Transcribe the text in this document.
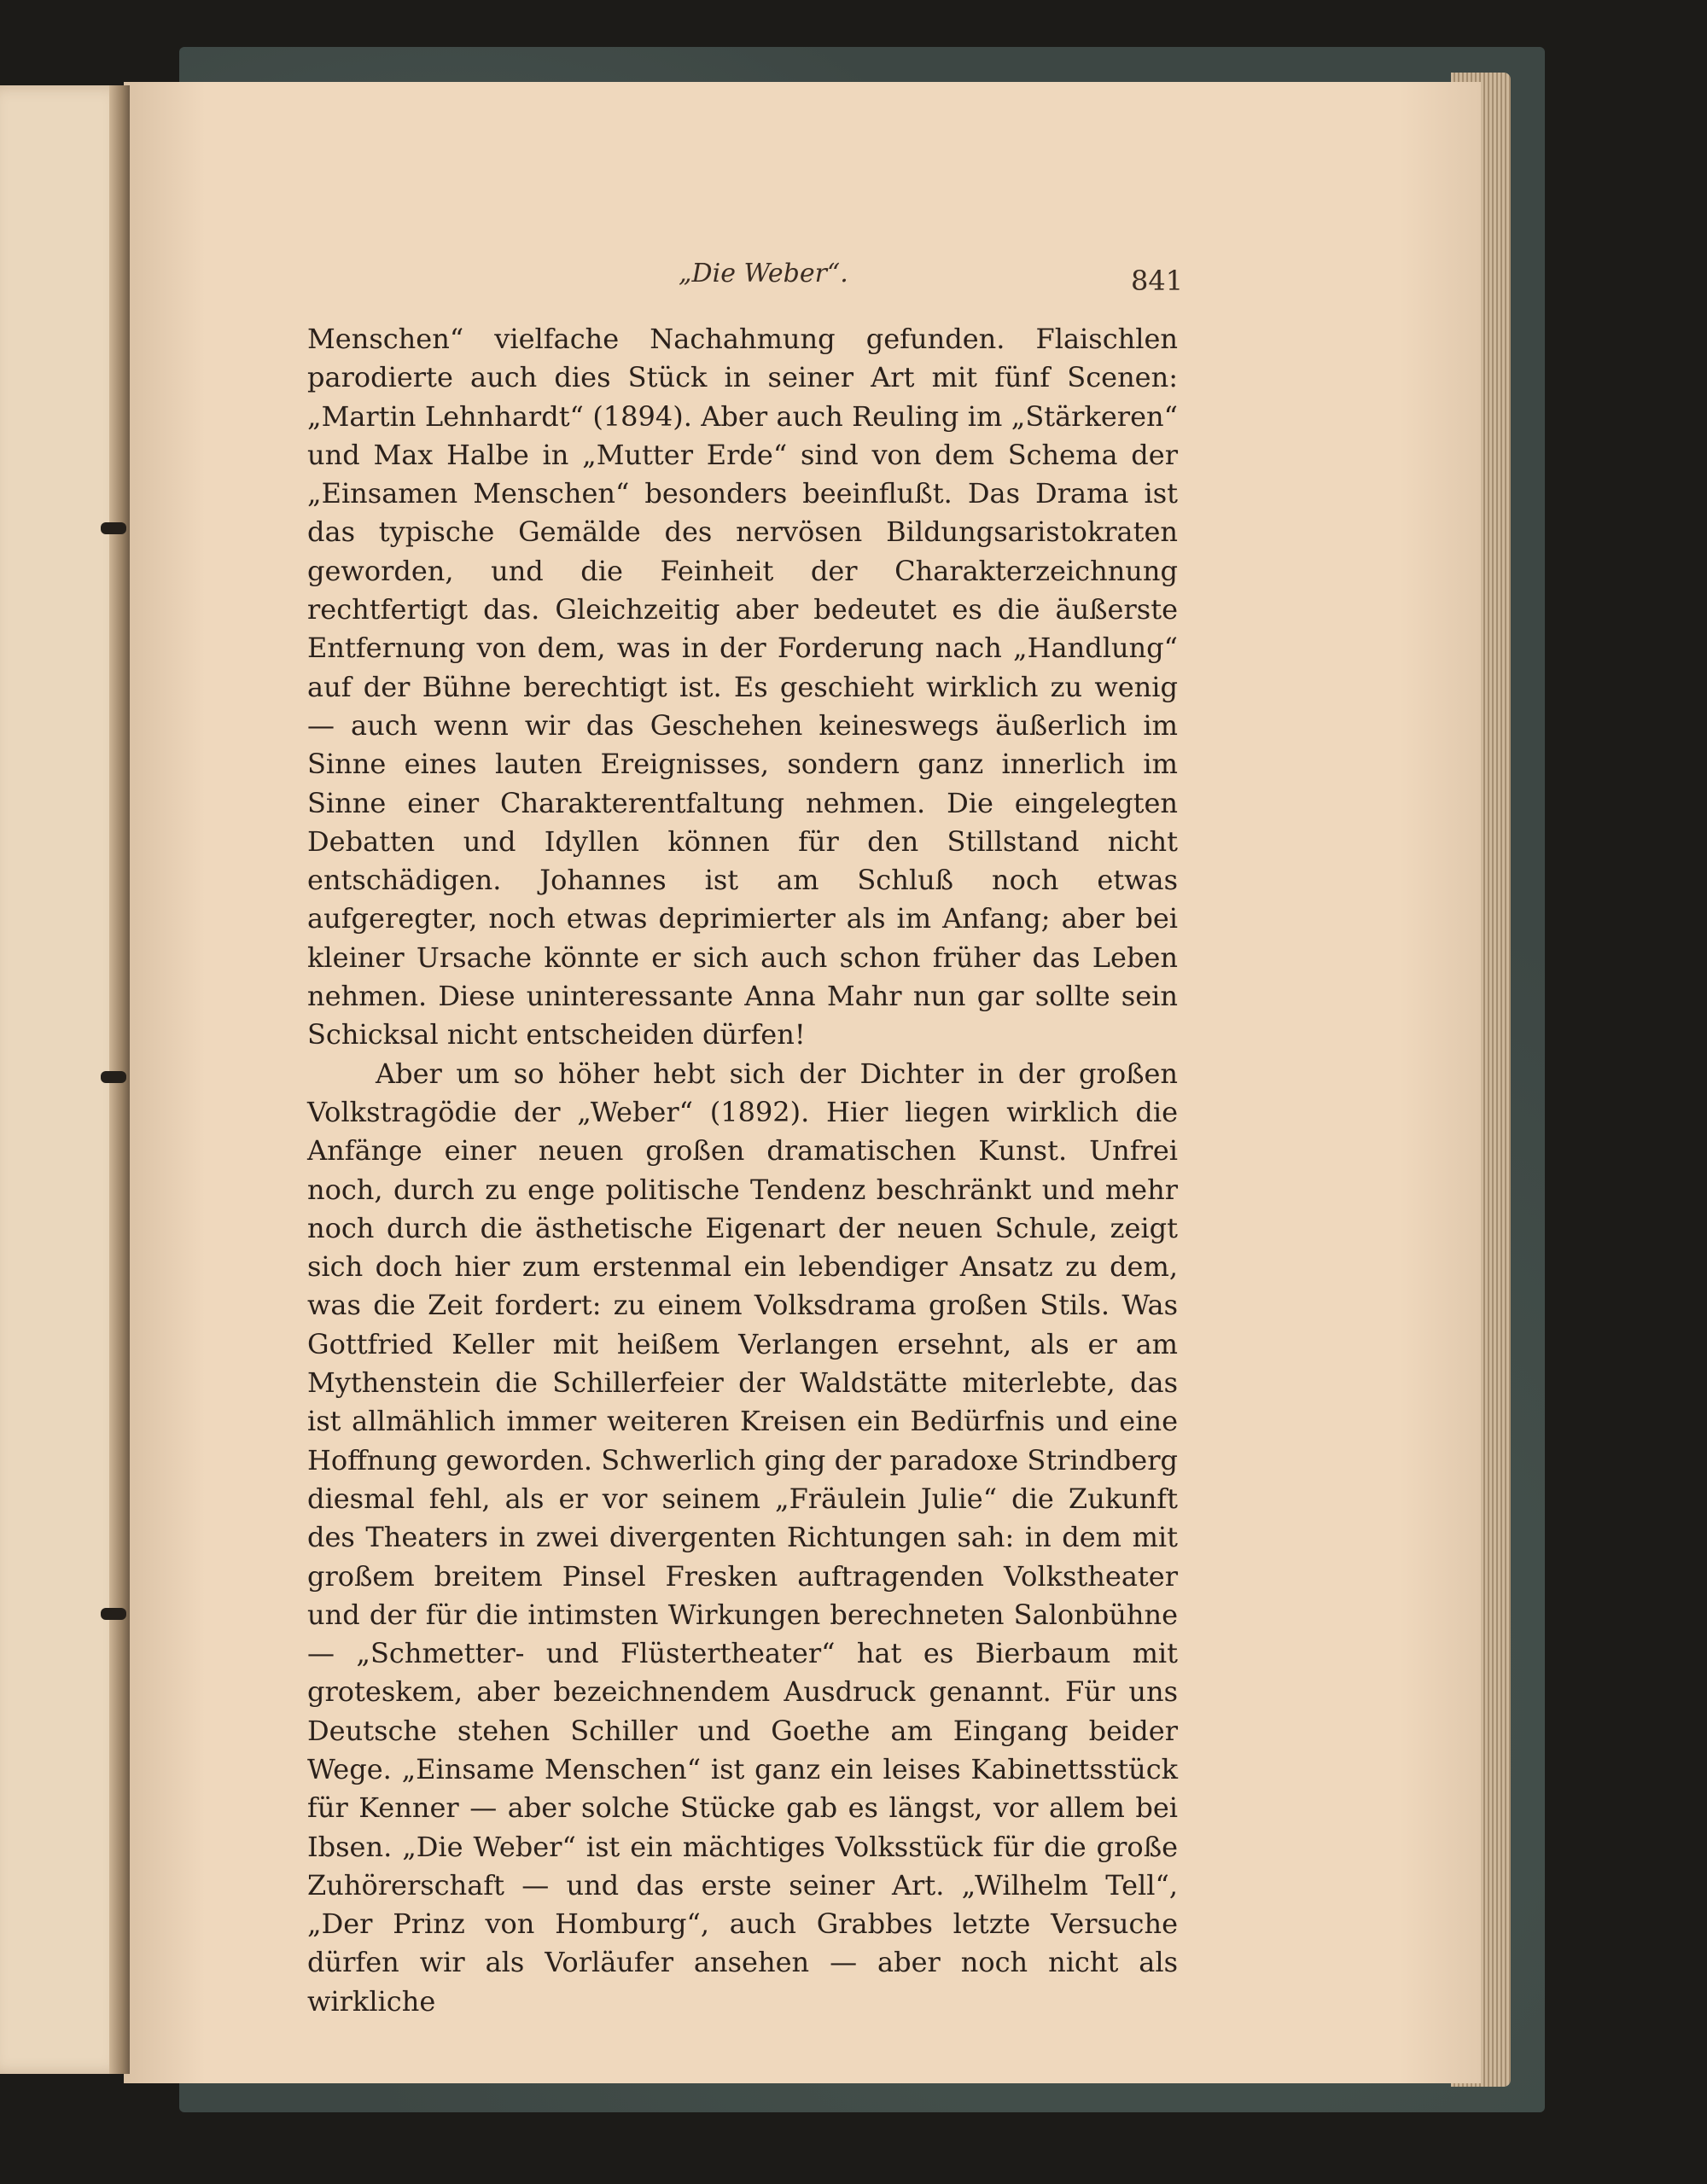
„Die Weber“.	841

Menschen“ vielfache Nachahmung gefunden. Flaischlen parodierte auch dies Stück in seiner Art mit fünf Scenen: „Martin Lehnhardt“ (1894). Aber auch Reuling im „Stärkeren“ und Max Halbe in „Mutter Erde“ sind von dem Schema der „Einsamen Menschen“ besonders beeinflußt. Das Drama ist das typische Gemälde des nervösen Bildungsaristokraten geworden, und die Feinheit der Charakterzeichnung rechtfertigt das. Gleichzeitig aber bedeutet es die äußerste Entfernung von dem, was in der Forderung nach „Handlung“ auf der Bühne berechtigt ist. Es geschieht wirklich zu wenig — auch wenn wir das Geschehen keineswegs äußerlich im Sinne eines lauten Ereignisses, sondern ganz innerlich im Sinne einer Charakterentfaltung nehmen. Die eingelegten Debatten und Idyllen können für den Stillstand nicht entschädigen. Johannes ist am Schluß noch etwas aufgeregter, noch etwas deprimierter als im Anfang; aber bei kleiner Ursache könnte er sich auch schon früher das Leben nehmen. Diese uninteressante Anna Mahr nun gar sollte sein Schicksal nicht entscheiden dürfen!

Aber um so höher hebt sich der Dichter in der großen Volkstragödie der „Weber“ (1892). Hier liegen wirklich die Anfänge einer neuen großen dramatischen Kunst. Unfrei noch, durch zu enge politische Tendenz beschränkt und mehr noch durch die ästhetische Eigenart der neuen Schule, zeigt sich doch hier zum erstenmal ein lebendiger Ansatz zu dem, was die Zeit fordert: zu einem Volksdrama großen Stils. Was Gottfried Keller mit heißem Verlangen ersehnt, als er am Mythenstein die Schillerfeier der Waldstätte miterlebte, das ist allmählich immer weiteren Kreisen ein Bedürfnis und eine Hoffnung geworden. Schwerlich ging der paradoxe Strindberg diesmal fehl, als er vor seinem „Fräulein Julie“ die Zukunft des Theaters in zwei divergenten Richtungen sah: in dem mit großem breitem Pinsel Fresken auftragenden Volkstheater und der für die intimsten Wirkungen berechneten Salonbühne — „Schmetter- und Flüstertheater“ hat es Bierbaum mit groteskem, aber bezeichnendem Ausdruck genannt. Für uns Deutsche stehen Schiller und Goethe am Eingang beider Wege. „Einsame Menschen“ ist ganz ein leises Kabinettsstück für Kenner — aber solche Stücke gab es längst, vor allem bei Ibsen. „Die Weber“ ist ein mächtiges Volksstück für die große Zuhörerschaft — und das erste seiner Art. „Wilhelm Tell“, „Der Prinz von Homburg“, auch Grabbes letzte Versuche dürfen wir als Vorläufer ansehen — aber noch nicht als wirkliche
